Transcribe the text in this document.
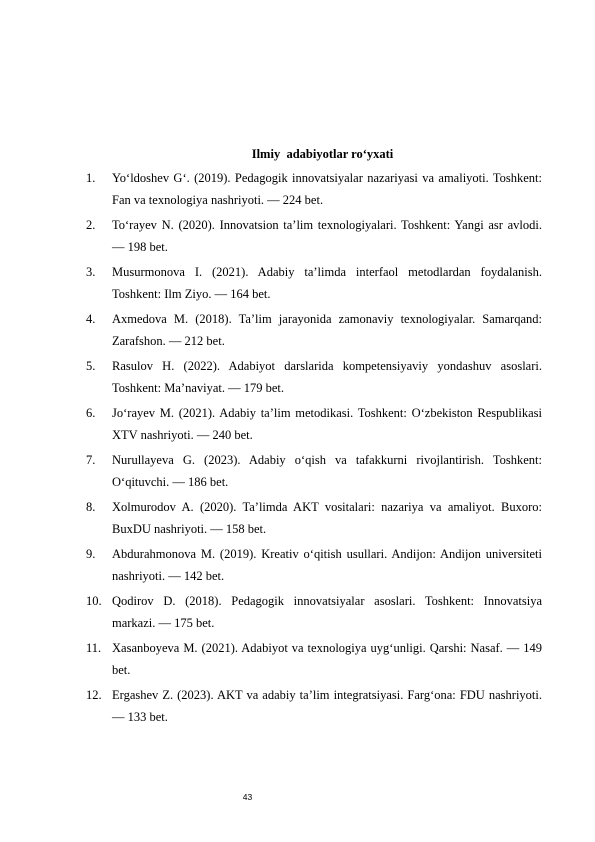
Ilmiy  adabiyotlar ro‘yxati
1.	Yo‘ldoshev G‘. (2019). Pedagogik innovatsiyalar nazariyasi va amaliyoti. Toshkent: Fan va texnologiya nashriyoti. — 224 bet.
2.	To‘rayev N. (2020). Innovatsion ta’lim texnologiyalari. Toshkent: Yangi asr avlodi. — 198 bet.
3.	Musurmonova I. (2021). Adabiy ta’limda interfaol metodlardan foydalanish. Toshkent: Ilm Ziyo. — 164 bet.
4.	Axmedova M. (2018). Ta’lim jarayonida zamonaviy texnologiyalar. Samarqand: Zarafshon. — 212 bet.
5.	Rasulov H. (2022). Adabiyot darslarida kompetensiyaviy yondashuv asoslari. Toshkent: Ma’naviyat. — 179 bet.
6.	Jo‘rayev M. (2021). Adabiy ta’lim metodikasi. Toshkent: O‘zbekiston Respublikasi XTV nashriyoti. — 240 bet.
7.	Nurullayeva G. (2023). Adabiy o‘qish va tafakkurni rivojlantirish. Toshkent: O‘qituvchi. — 186 bet.
8.	Xolmurodov A. (2020). Ta’limda AKT vositalari: nazariya va amaliyot. Buxoro: BuxDU nashriyoti. — 158 bet.
9.	Abdurahmonova M. (2019). Kreativ o‘qitish usullari. Andijon: Andijon universiteti nashriyoti. — 142 bet.
10. Qodirov D. (2018). Pedagogik innovatsiyalar asoslari. Toshkent: Innovatsiya markazi. — 175 bet.
11. Xasanboyeva M. (2021). Adabiyot va texnologiya uyg‘unligi. Qarshi: Nasaf. — 149 bet.
12. Ergashev Z. (2023). AKT va adabiy ta’lim integratsiyasi. Farg‘ona: FDU nashriyoti. — 133 bet.
43
